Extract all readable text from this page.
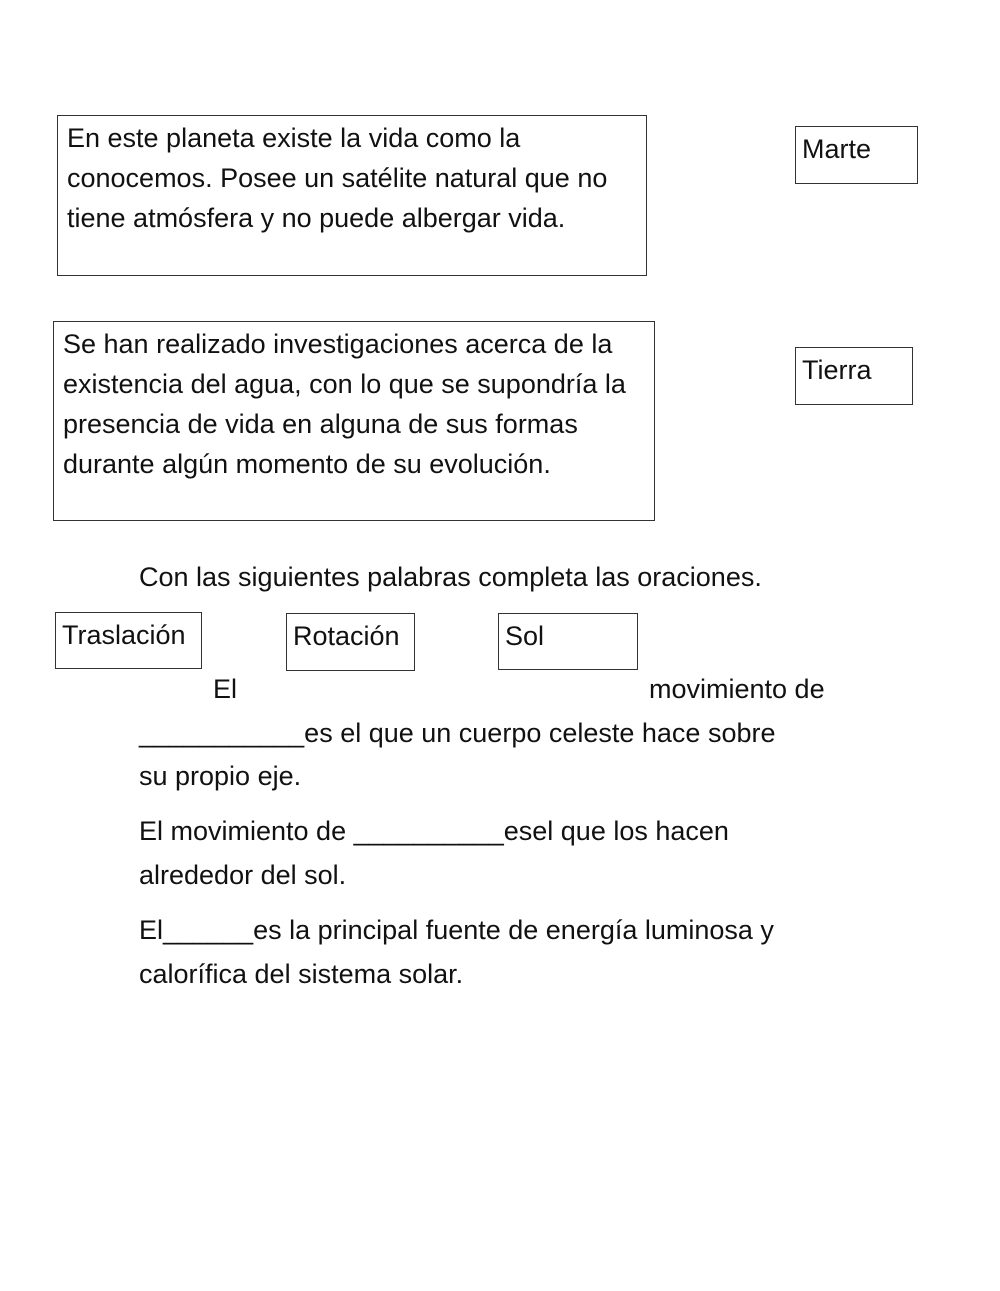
En este planeta existe la vida como la conocemos. Posee un satélite natural que no tiene atmósfera y no puede albergar vida.
Se han realizado investigaciones acerca de la existencia del agua, con lo que se supondría la presencia de vida en alguna de sus formas durante algún momento de su evolución.
Marte
Tierra
Con las siguientes palabras completa las oraciones.
Traslación	Rotación	Sol
El	movimiento de
___________es el que un cuerpo celeste hace sobre
su propio eje.
El movimiento de __________esel que los hacen
alrededor del sol.
El______es la principal fuente de energía luminosa y
calorífica del sistema solar.
